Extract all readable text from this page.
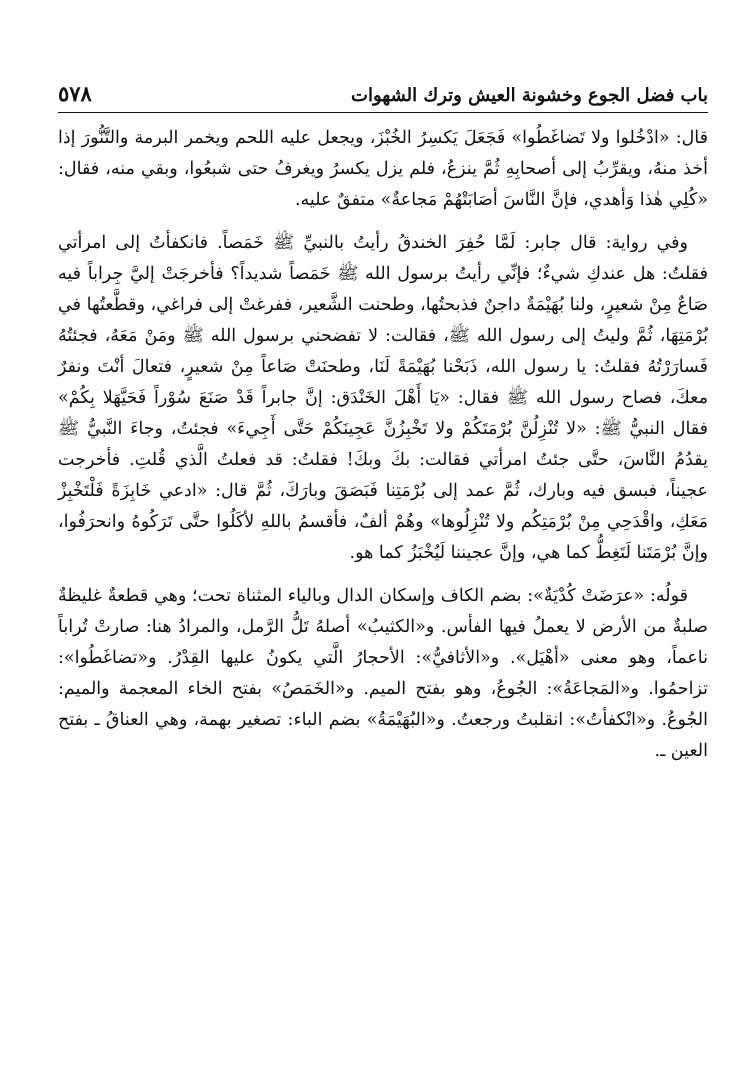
باب فضل الجوع وخشونة العيش وترك الشهوات
٥٧٨

قال: «ادْخُلوا ولا تَضاغَطُوا» فَجَعَلَ يَكسِرُ الخُبْزَ، ويجعل عليه اللحم ويخمر البرمة والتَّنُّورَ إذا أخذ منهُ، ويقرِّبُ إلى أصحابِهِ ثُمَّ ينزعُ، فلم يزل يكسرُ ويغرفُ حتى شبعُوا، وبقي منه، فقال: «كُلِي هٰذا وَأهدي، فإنَّ النَّاسَ أصَابَتْهُمْ مَجاعةٌ» متفقٌ عليه.

وفي رواية: قال جابر: لَمَّا حُفِرَ الخندقُ رأيتُ بالنبيِّ ﷺ خَمَصاً. فانكفأتُ إلى امرأتي فقلتُ: هل عندكِ شيءٌ؛ فإنِّي رأيتُ برسول الله ﷺ خَمَصاً شديداً؟ فأخرجَتْ إليَّ جِراباً فيه صَاعٌ مِنْ شعيرٍ، ولنا بُهَيْمَةٌ داجنٌ فذبحتُها، وطحنت الشَّعير، ففرغتْ إلى فراغي، وقطَّعتُها في بُرْمَتِهَا، ثُمَّ وليتُ إلى رسول الله ﷺ، فقالت: لا تفضحني برسول الله ﷺ ومَنْ مَعَهُ، فجئتُهُ فَسارَرْتُهُ فقلتُ: يا رسول الله، ذَبَحْنا بُهَيْمَةً لَنَا، وطحنَتْ صَاعاً مِنْ شعيرٍ، فتعالَ أنْتَ ونفرٌ معكَ، فصاح رسول الله ﷺ فقال: «يَا أَهْلَ الخَنْدَق: إنَّ جابراً قَدْ صَنَعَ سُوْراً فَحَيَّهَلا بِكُمْ» فقال النبيُّ ﷺ: «لا تُنْزِلُنَّ بُرْمَتَكُمْ ولا تَخْبِزُنَّ عَجِينَكُمْ حَتَّى أَجِيءَ» فجئتُ، وجاءَ النَّبيُّ ﷺ يقدُمُ النَّاسَ، حتَّى جئتُ امرأتي فقالت: بكَ وبكَ! فقلتُ: قد فعلتُ الَّذي قُلتِ. فأخرجت عجيناً، فبسق فيه وبارك، ثُمَّ عمد إلى بُرْمَتِنا فَبَصَقَ وبارَكَ، ثُمَّ قال: «ادعي خَابِزَةً فَلْتَخْبِزْ مَعَكِ، واقْدَحِي مِنْ بُرْمَتِكُم ولا تُنْزِلُوها» وهُمْ ألفٌ، فأقسمُ باللهِ لأكَلُوا حتَّى تَرَكُوهُ وانحرَفُوا، وإنَّ بُرْمَتَنا لَتَغِطُّ كما هي، وإنَّ عجيننا لَيُخْبَزُ كما هو.

قولُه: «عرَضَتْ كُدْيَةٌ»: بضم الكاف وإسكان الدال وبالياء المثناة تحت؛ وهي قطعةٌ غليظةٌ صلبةٌ من الأرض لا يعملُ فيها الفأس. و«الكثيبُ» أصلهُ تَلُّ الرَّمل، والمرادُ هنا: صارتْ تُراباً ناعماً، وهو معنى «أهْيَل». و«الأثافيُّ»: الأحجارُ الَّتي يكونُ عليها القِدْرُ. و«تضاغَطُوا»: تزاحمُوا. و«المَجاعَةُ»: الجُوعُ، وهو بفتح الميم. و«الخَمَصُ» بفتح الخاء المعجمة والميم: الجُوعُ. و«انْكفأتُ»: انقلبتُ ورجعتُ. و«البُهَيْمَةُ» بضم الباء: تصغير بهمة، وهي العناقُ ـ بفتح العين ـ.
